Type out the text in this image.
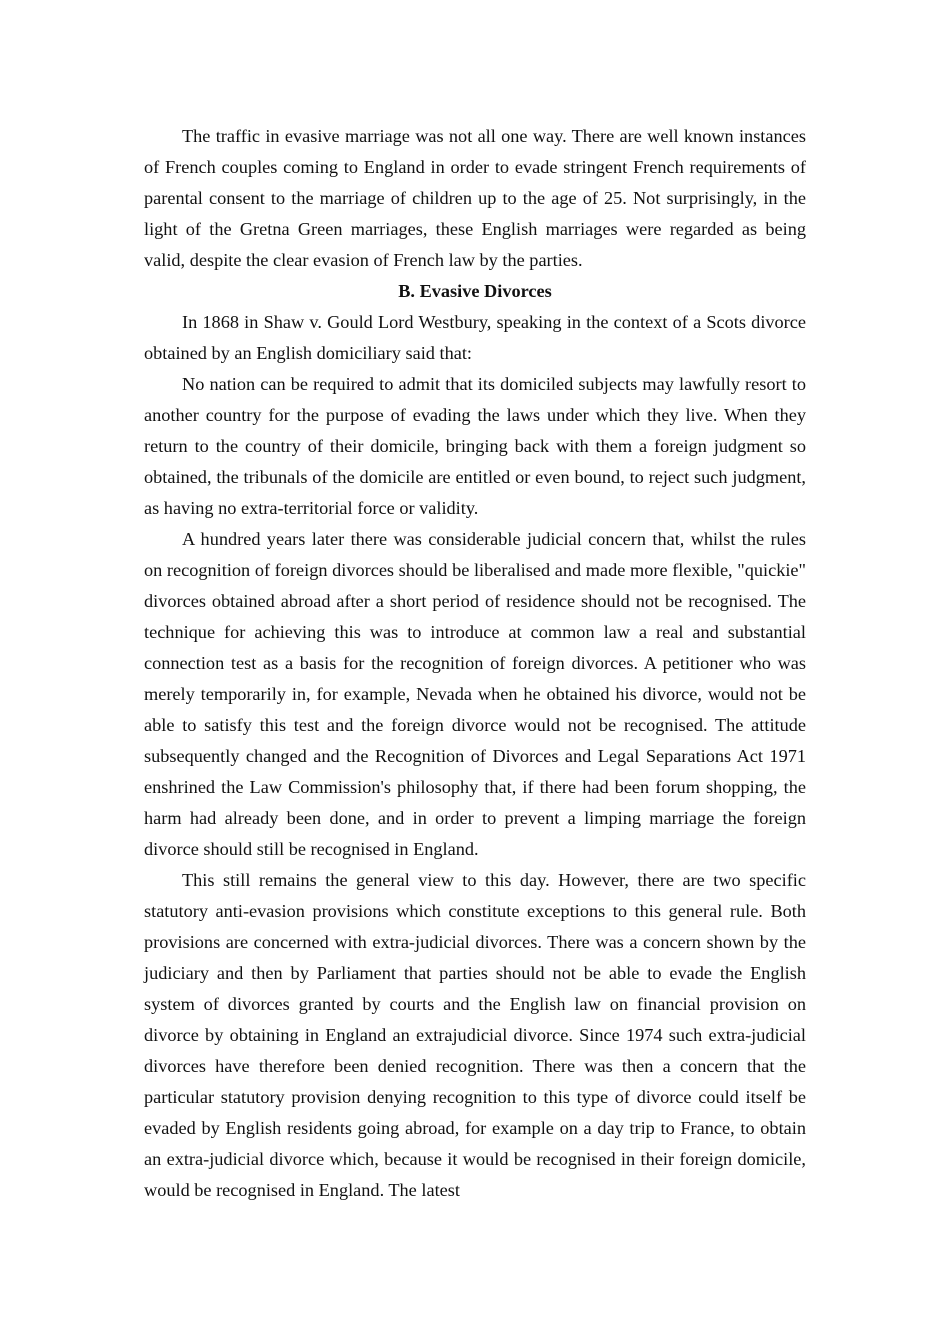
The traffic in evasive marriage was not all one way. There are well known instances of French couples coming to England in order to evade stringent French requirements of parental consent to the marriage of children up to the age of 25. Not surprisingly, in the light of the Gretna Green marriages, these English marriages were regarded as being valid, despite the clear evasion of French law by the parties.

B. Evasive Divorces

In 1868 in Shaw v. Gould Lord Westbury, speaking in the context of a Scots divorce obtained by an English domiciliary said that:

No nation can be required to admit that its domiciled subjects may lawfully resort to another country for the purpose of evading the laws under which they live. When they return to the country of their domicile, bringing back with them a foreign judgment so obtained, the tribunals of the domicile are entitled or even bound, to reject such judgment, as having no extra-territorial force or validity.

A hundred years later there was considerable judicial concern that, whilst the rules on recognition of foreign divorces should be liberalised and made more flexible, "quickie" divorces obtained abroad after a short period of residence should not be recognised. The technique for achieving this was to introduce at common law a real and substantial connection test as a basis for the recognition of foreign divorces. A petitioner who was merely temporarily in, for example, Nevada when he obtained his divorce, would not be able to satisfy this test and the foreign divorce would not be recognised. The attitude subsequently changed and the Recognition of Divorces and Legal Separations Act 1971 enshrined the Law Commission's philosophy that, if there had been forum shopping, the harm had already been done, and in order to prevent a limping marriage the foreign divorce should still be recognised in England.

This still remains the general view to this day. However, there are two specific statutory anti-evasion provisions which constitute exceptions to this general rule. Both provisions are concerned with extra-judicial divorces. There was a concern shown by the judiciary and then by Parliament that parties should not be able to evade the English system of divorces granted by courts and the English law on financial provision on divorce by obtaining in England an extrajudicial divorce. Since 1974 such extra-judicial divorces have therefore been denied recognition. There was then a concern that the particular statutory provision denying recognition to this type of divorce could itself be evaded by English residents going abroad, for example on a day trip to France, to obtain an extra-judicial divorce which, because it would be recognised in their foreign domicile, would be recognised in England. The latest
